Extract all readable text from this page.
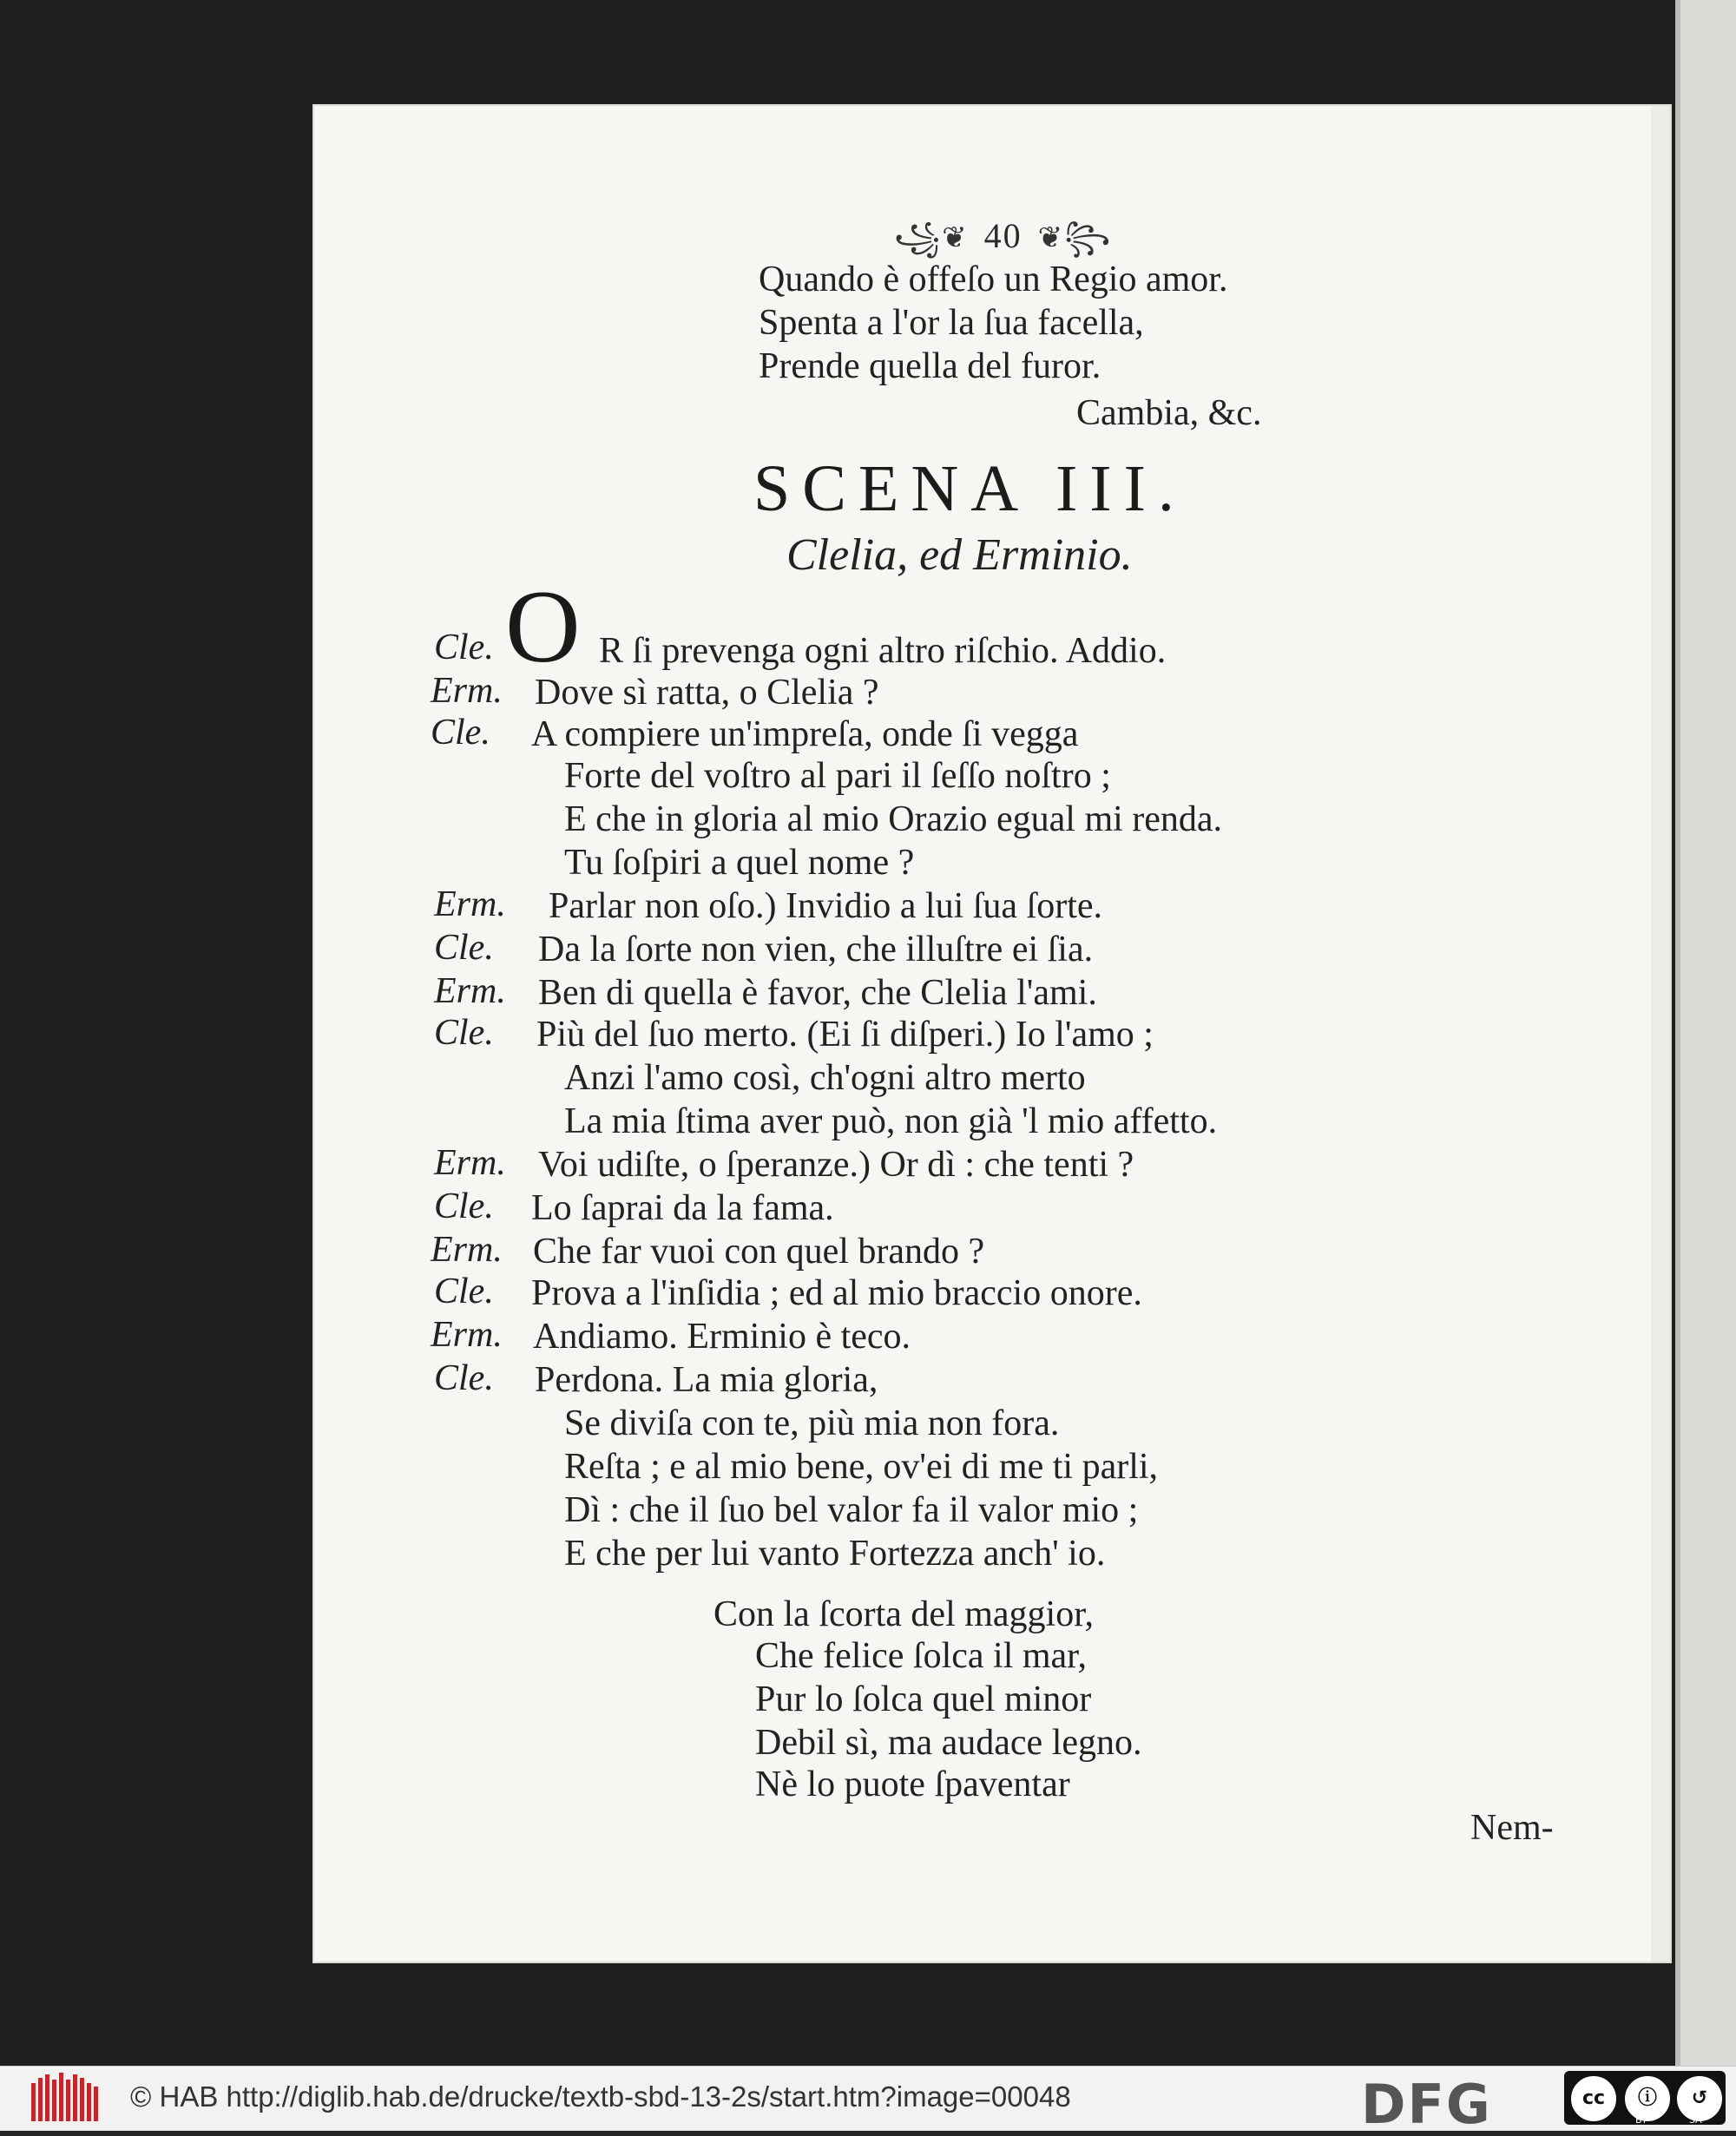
꧁❦ 40 ❦꧂
Quando è offeſo un Regio amor.
Spenta a l'or la ſua facella,
Prende quella del furor.
Cambia, &c.
SCENA III.
Clelia, ed Erminio.
Cle. O R ſi prevenga ogni altro riſchio. Addio.
Erm. Dove sì ratta, o Clelia ?
Cle. A compiere un'impreſa, onde ſi vegga
Forte del voſtro al pari il ſeſſo noſtro ;
E che in gloria al mio Orazio egual mi renda.
Tu ſoſpiri a quel nome ?
Erm. Parlar non oſo.) Invidio a lui ſua ſorte.
Cle. Da la ſorte non vien, che illuſtre ei ſia.
Erm. Ben di quella è favor, che Clelia l'ami.
Cle. Più del ſuo merto. (Ei ſi diſperi.) Io l'amo ;
Anzi l'amo così, ch'ogni altro merto
La mia ſtima aver può, non già 'l mio affetto.
Erm. Voi udiſte, o ſperanze.) Or dì : che tenti ?
Cle. Lo ſaprai da la fama.
Erm. Che far vuoi con quel brando ?
Cle. Prova a l'inſidia ; ed al mio braccio onore.
Erm. Andiamo. Erminio è teco.
Cle. Perdona. La mia gloria,
Se diviſa con te, più mia non fora.
Reſta ; e al mio bene, ov'ei di me ti parli,
Dì : che il ſuo bel valor fa il valor mio ;
E che per lui vanto Fortezza anch' io.
Con la ſcorta del maggior,
Che felice ſolca il mar,
Pur lo ſolca quel minor
Debil sì, ma audace legno.
Nè lo puote ſpaventar
Nem-
© HAB http://diglib.hab.de/drucke/textb-sbd-13-2s/start.htm?image=00048	DFG	cc	ⓘ
BY
↺
SA
